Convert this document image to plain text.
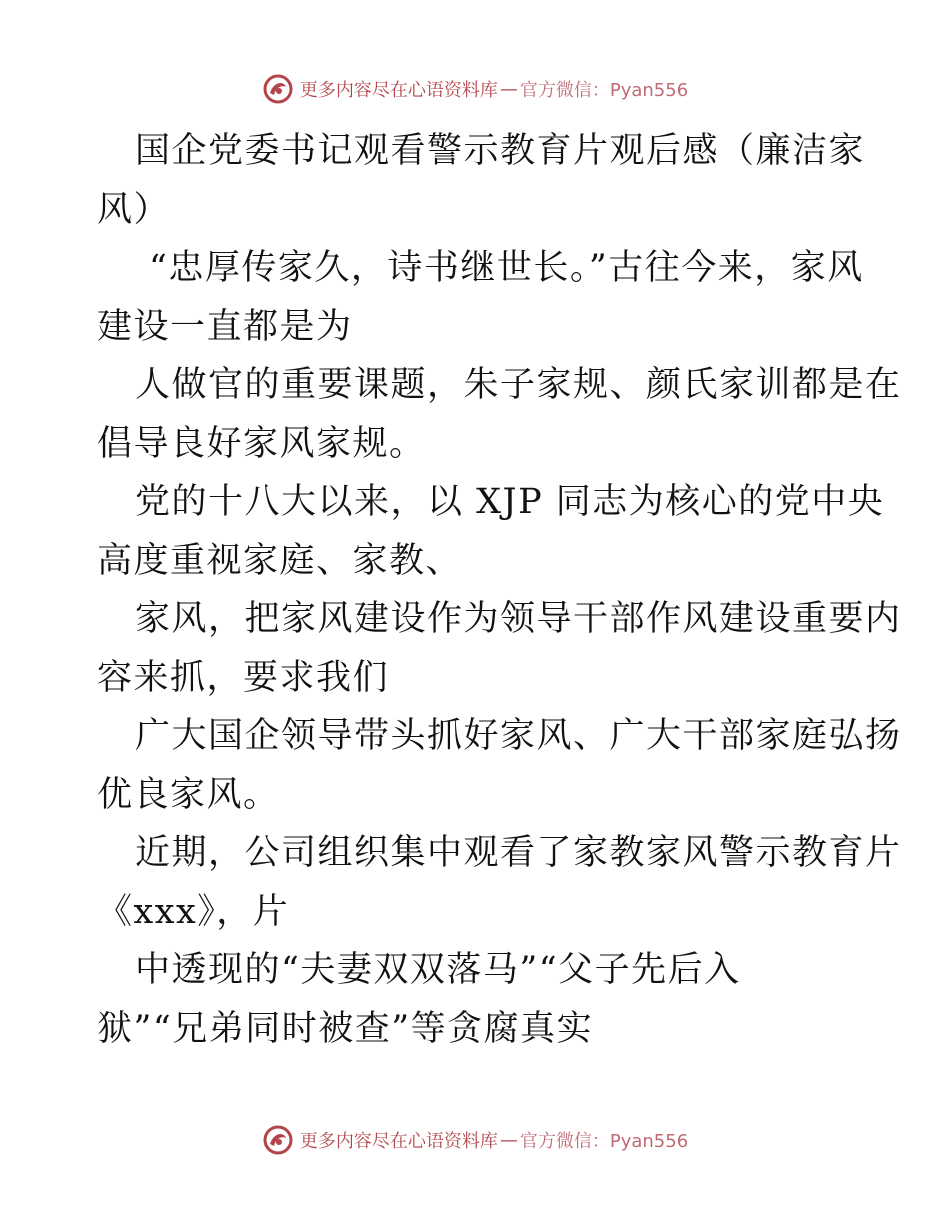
更多内容尽在心语资料库 — 官方微信：Pyan556

国企党委书记观看警示教育片观后感（廉洁家

风）

“忠厚传家久，诗书继世长。”古往今来，家风

建设一直都是为

人做官的重要课题，朱子家规、颜氏家训都是在

倡导良好家风家规。

党的十八大以来，以 XJP 同志为核心的党中央

高度重视家庭、家教、

家风，把家风建设作为领导干部作风建设重要内

容来抓，要求我们

广大国企领导带头抓好家风、广大干部家庭弘扬

优良家风。

近期，公司组织集中观看了家教家风警示教育片

《xxx》，片

中透现的“夫妻双双落马”“父子先后入

狱”“兄弟同时被查”等贪腐真实

更多内容尽在心语资料库 — 官方微信：Pyan556
